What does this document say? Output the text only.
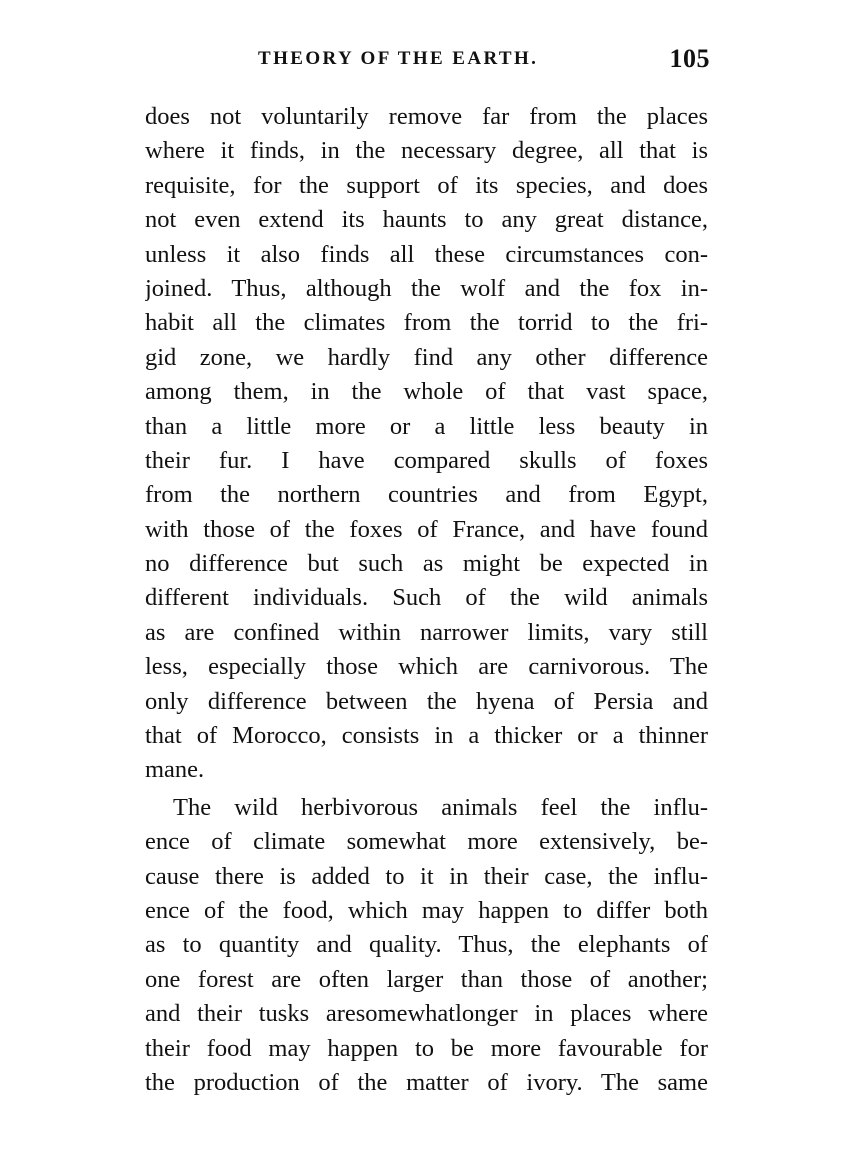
THEORY OF THE EARTH.	105
does not voluntarily remove far from the places
where it finds, in the necessary degree, all that is
requisite, for the support of its species, and does
not even extend its haunts to any great distance,
unless it also finds all these circumstances con-
joined. Thus, although the wolf and the fox in-
habit all the climates from the torrid to the fri-
gid zone, we hardly find any other difference
among them, in the whole of that vast space,
than a little more or a little less beauty in
their fur. I have compared skulls of foxes
from the northern countries and from Egypt,
with those of the foxes of France, and have found
no difference but such as might be expected in
different individuals. Such of the wild animals
as are confined within narrower limits, vary still
less, especially those which are carnivorous. The
only difference between the hyena of Persia and
that of Morocco, consists in a thicker or a thinner
mane.
The wild herbivorous animals feel the influ-
ence of climate somewhat more extensively, be-
cause there is added to it in their case, the influ-
ence of the food, which may happen to differ both
as to quantity and quality. Thus, the elephants of
one forest are often larger than those of another;
and their tusks aresomewhatlonger in places where
their food may happen to be more favourable for
the production of the matter of ivory. The same
